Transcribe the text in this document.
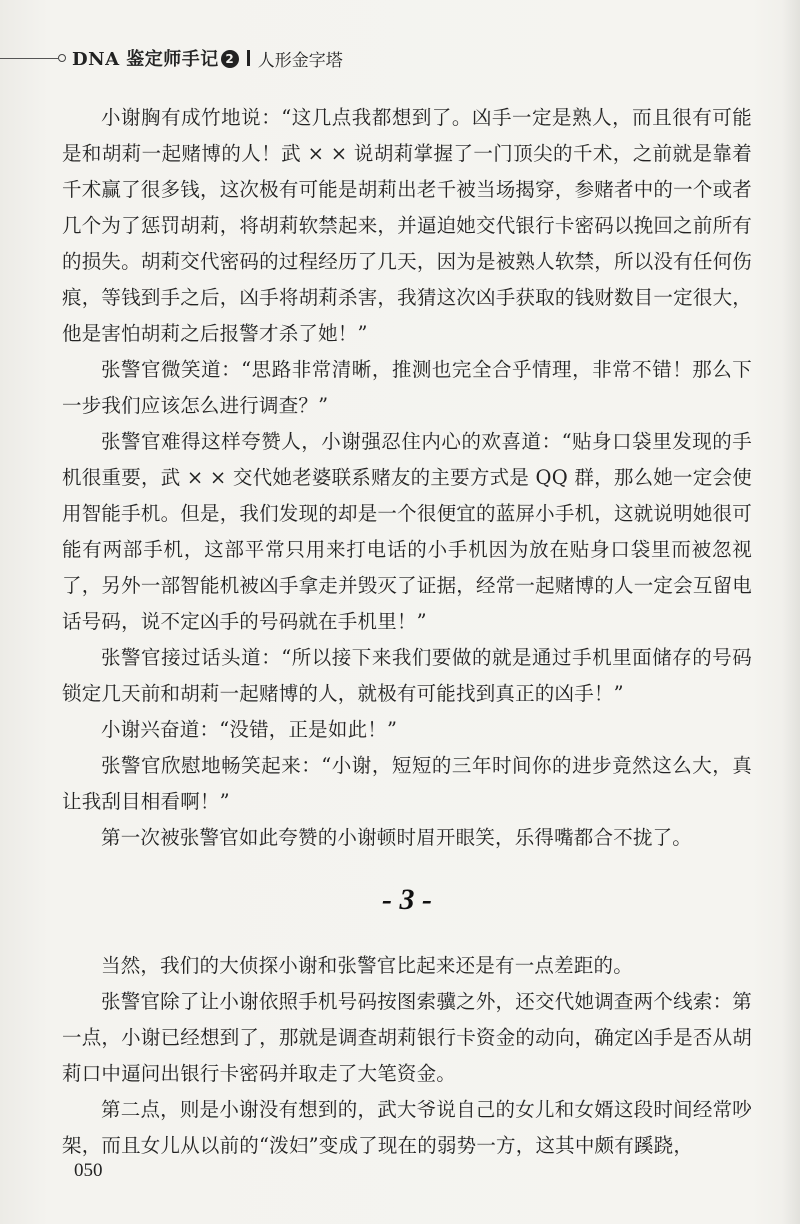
DNA 鉴定师手记 2 人形金字塔

小谢胸有成竹地说：“这几点我都想到了。凶手一定是熟人，而且很有可能是和胡莉一起赌博的人！武 × × 说胡莉掌握了一门顶尖的千术，之前就是靠着千术赢了很多钱，这次极有可能是胡莉出老千被当场揭穿，参赌者中的一个或者几个为了惩罚胡莉，将胡莉软禁起来，并逼迫她交代银行卡密码以挽回之前所有的损失。胡莉交代密码的过程经历了几天，因为是被熟人软禁，所以没有任何伤痕，等钱到手之后，凶手将胡莉杀害，我猜这次凶手获取的钱财数目一定很大，他是害怕胡莉之后报警才杀了她！”

张警官微笑道：“思路非常清晰，推测也完全合乎情理，非常不错！那么下一步我们应该怎么进行调查？”

张警官难得这样夸赞人，小谢强忍住内心的欢喜道：“贴身口袋里发现的手机很重要，武 × × 交代她老婆联系赌友的主要方式是 QQ 群，那么她一定会使用智能手机。但是，我们发现的却是一个很便宜的蓝屏小手机，这就说明她很可能有两部手机，这部平常只用来打电话的小手机因为放在贴身口袋里而被忽视了，另外一部智能机被凶手拿走并毁灭了证据，经常一起赌博的人一定会互留电话号码，说不定凶手的号码就在手机里！”

张警官接过话头道：“所以接下来我们要做的就是通过手机里面储存的号码锁定几天前和胡莉一起赌博的人，就极有可能找到真正的凶手！”

小谢兴奋道：“没错，正是如此！”

张警官欣慰地畅笑起来：“小谢，短短的三年时间你的进步竟然这么大，真让我刮目相看啊！”

第一次被张警官如此夸赞的小谢顿时眉开眼笑，乐得嘴都合不拢了。

- 3 -

当然，我们的大侦探小谢和张警官比起来还是有一点差距的。

张警官除了让小谢依照手机号码按图索骥之外，还交代她调查两个线索：第一点，小谢已经想到了，那就是调查胡莉银行卡资金的动向，确定凶手是否从胡莉口中逼问出银行卡密码并取走了大笔资金。

第二点，则是小谢没有想到的，武大爷说自己的女儿和女婿这段时间经常吵架，而且女儿从以前的“泼妇”变成了现在的弱势一方，这其中颇有蹊跷，

050
